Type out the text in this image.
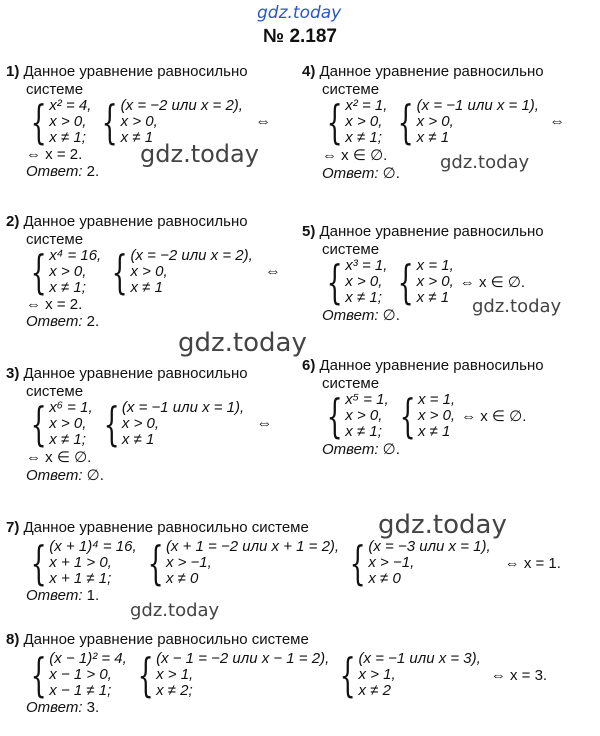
gdz.today
№ 2.187
1) Данное уравнение равносильно
системе
{ x² = 4,
x > 0,
x ≠ 1; { (x = −2 или x = 2),
x > 0,
x ≠ 1
⇔
⇔ x = 2.
Ответ: 2.
2) Данное уравнение равносильно
системе
{ x⁴ = 16,
x > 0,
x ≠ 1; { (x = −2 или x = 2),
x > 0,
x ≠ 1
⇔
⇔ x = 2.
Ответ: 2.
3) Данное уравнение равносильно
системе
{ x⁶ = 1,
x > 0,
x ≠ 1; { (x = −1 или x = 1),
x > 0,
x ≠ 1
⇔
⇔ x ∈ ∅.
Ответ: ∅.
4) Данное уравнение равносильно
системе
{ x² = 1,
x > 0,
x ≠ 1; { (x = −1 или x = 1),
x > 0,
x ≠ 1
⇔
⇔ x ∈ ∅.
Ответ: ∅.
5) Данное уравнение равносильно
системе
{ x³ = 1,
x > 0,
x ≠ 1; { x = 1,
x > 0,
x ≠ 1
⇔ x ∈ ∅.
Ответ: ∅.
6) Данное уравнение равносильно
системе
{ x⁵ = 1,
x > 0,
x ≠ 1; { x = 1,
x > 0,
x ≠ 1
⇔ x ∈ ∅.
Ответ: ∅.
7) Данное уравнение равносильно системе
{ (x + 1)⁴ = 16,
x + 1 > 0,
x + 1 ≠ 1; { (x + 1 = −2 или x + 1 = 2),
x > −1,
x ≠ 0	{ (x = −3 или x = 1),
x > −1,
x ≠ 0
⇔ x = 1.
Ответ: 1.
8) Данное уравнение равносильно системе
{ (x − 1)² = 4,
x − 1 > 0,
x − 1 ≠ 1; { (x − 1 = −2 или x − 1 = 2),
x > 1,
x ≠ 2;	{ (x = −1 или x = 3),
x > 1,
x ≠ 2
⇔ x = 3.
Ответ: 3.
gdz.today	gdz.today
gdz.today
gdz.today
gdz.today
gdz.today
